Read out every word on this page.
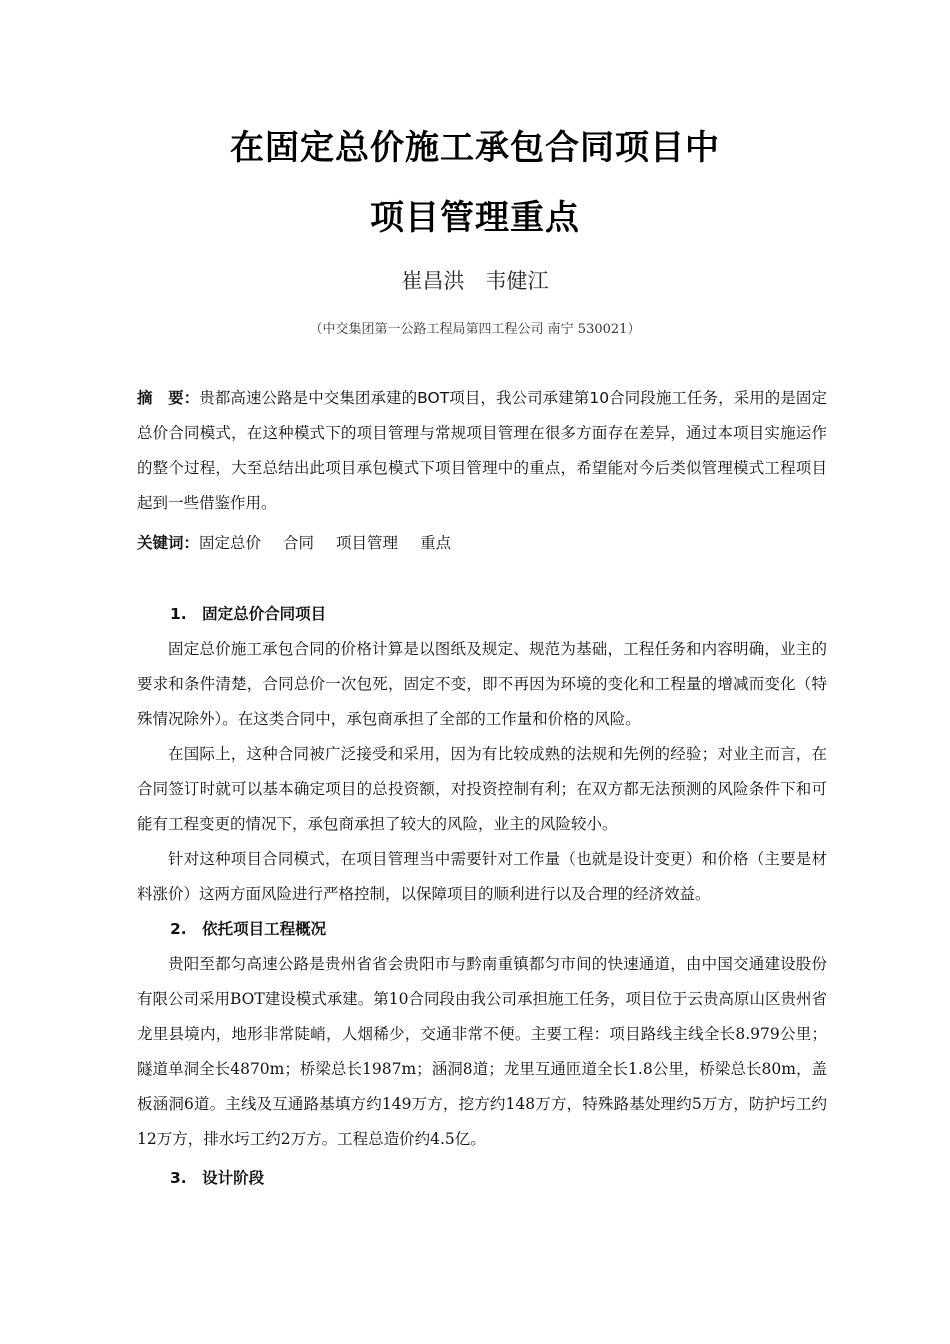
在固定总价施工承包合同项目中
项目管理重点
崔昌洪　韦健江
（中交集团第一公路工程局第四工程公司 南宁 530021）
摘　要：贵都高速公路是中交集团承建的BOT项目，我公司承建第10合同段施工任务，采用的是固定总价合同模式，在这种模式下的项目管理与常规项目管理在很多方面存在差异，通过本项目实施运作的整个过程，大至总结出此项目承包模式下项目管理中的重点，希望能对今后类似管理模式工程项目起到一些借鉴作用。
关键词：固定总价 合同 项目管理 重点
1.　固定总价合同项目

固定总价施工承包合同的价格计算是以图纸及规定、规范为基础，工程任务和内容明确，业主的要求和条件清楚，合同总价一次包死，固定不变，即不再因为环境的变化和工程量的增减而变化（特殊情况除外）。在这类合同中，承包商承担了全部的工作量和价格的风险。

在国际上，这种合同被广泛接受和采用，因为有比较成熟的法规和先例的经验；对业主而言，在合同签订时就可以基本确定项目的总投资额，对投资控制有利；在双方都无法预测的风险条件下和可能有工程变更的情况下，承包商承担了较大的风险，业主的风险较小。

针对这种项目合同模式，在项目管理当中需要针对工作量（也就是设计变更）和价格（主要是材料涨价）这两方面风险进行严格控制，以保障项目的顺利进行以及合理的经济效益。

2.　依托项目工程概况

贵阳至都匀高速公路是贵州省省会贵阳市与黔南重镇都匀市间的快速通道，由中国交通建设股份有限公司采用BOT建设模式承建。第10合同段由我公司承担施工任务，项目位于云贵高原山区贵州省龙里县境内，地形非常陡峭，人烟稀少，交通非常不便。主要工程：项目路线主线全长8.979公里；隧道单洞全长4870m；桥梁总长1987m；涵洞8道；龙里互通匝道全长1.8公里，桥梁总长80m，盖板涵洞6道。主线及互通路基填方约149万方，挖方约148万方，特殊路基处理约5万方，防护圬工约12万方，排水圬工约2万方。工程总造价约4.5亿。

3.　设计阶段
